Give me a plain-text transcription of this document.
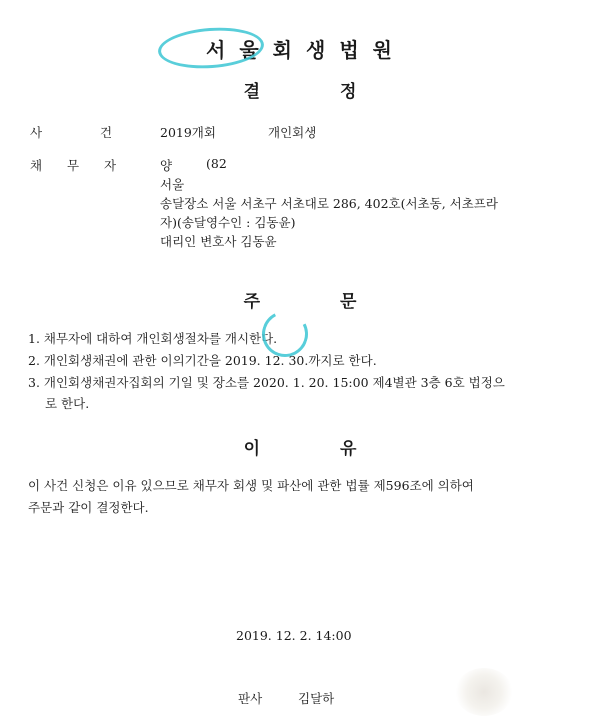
서 울 회 생 법 원
결	정
사	건	2019개회	개인회생
채 무 자	양	(82
서울
송달장소 서울 서초구 서초대로 286, 402호(서초동, 서초프라
자)(송달영수인 : 김동윤)
대리인 변호사 김동윤
주	문
1. 채무자에 대하여 개인회생절차를 개시한다.
2. 개인회생채권에 관한 이의기간을 2019. 12. 30.까지로 한다.
3. 개인회생채권자집회의 기일 및 장소를 2020. 1. 20. 15:00 제4별관 3층 6호 법정으
로 한다.
이	유
이 사건 신청은 이유 있으므로 채무자 회생 및 파산에 관한 법률 제596조에 의하여
주문과 같이 결정한다.
2019. 12. 2. 14:00
판사	김달하
